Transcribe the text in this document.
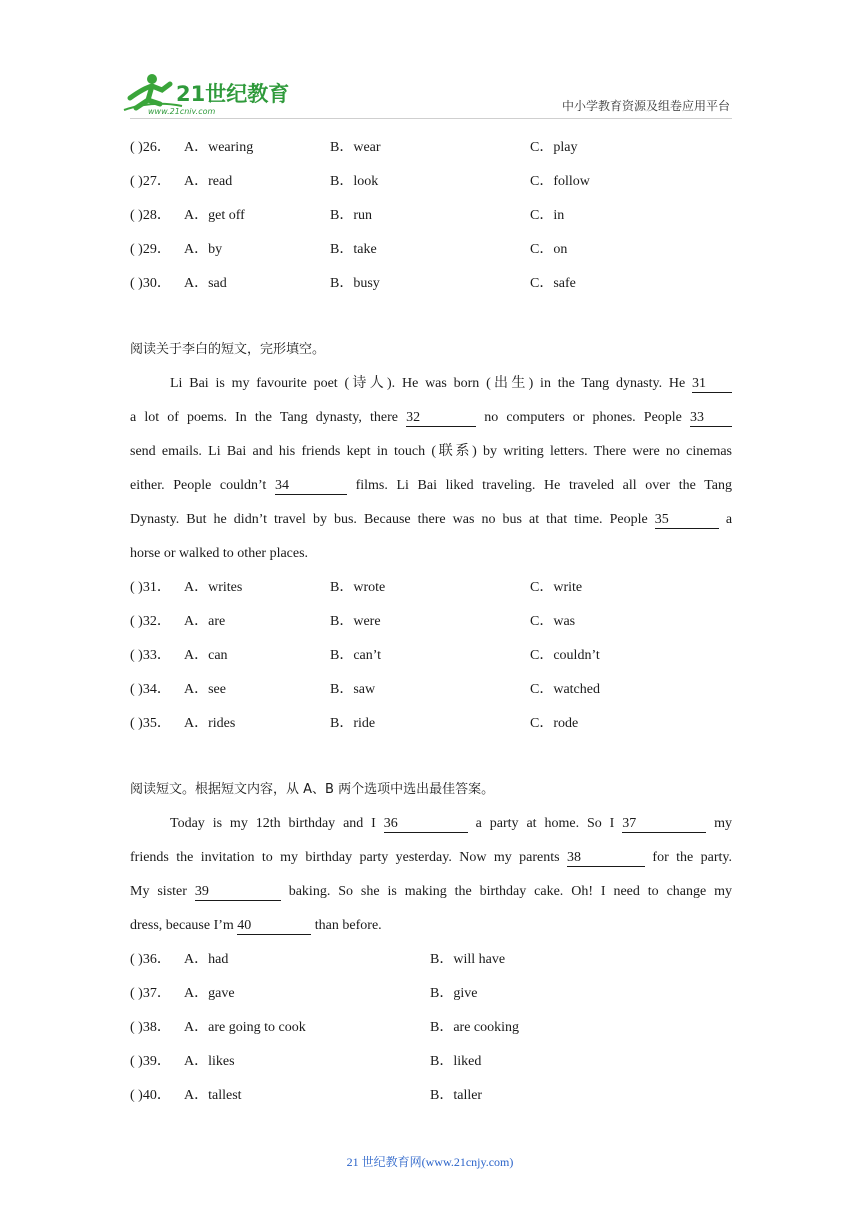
21世纪教育
www.21cnjy.com	中小学教育资源及组卷应用平台
( )26． A．wearing	B．wear	C．play
( )27． A．read	B．look	C．follow
( )28． A．get off	B．run	C．in
( )29． A．by	B．take	C．on
( )30． A．sad	B．busy	C．safe
阅读关于李白的短文，完形填空。
Li Bai is my favourite poet (诗人). He was born (出生) in the Tang dynasty. He 31
a lot of poems. In the Tang dynasty, there 32	no computers or phones. People 33
send emails. Li Bai and his friends kept in touch (联系) by writing letters. There were no cinemas
either. People couldn’t 34	films. Li Bai liked traveling. He traveled all over the Tang
Dynasty. But he didn’t travel by bus. Because there was no bus at that time. People 35	a
horse or walked to other places.
( )31． A．writes	B．wrote	C．write
( )32． A．are	B．were	C．was
( )33． A．can	B．can’t	C．couldn’t
( )34． A．see	B．saw	C．watched
( )35． A．rides	B．ride	C．rode
阅读短文。根据短文内容，从 A、B 两个选项中选出最佳答案。
Today is my 12th birthday and I 36	a party at home. So I 37	my
friends the invitation to my birthday party yesterday. Now my parents 38	for the party.
My sister 39	baking. So she is making the birthday cake. Oh! I need to change my
dress, because I’m 40	than before.
( )36． A．had	B．will have
( )37． A．gave	B．give
( )38． A．are going to cook	B．are cooking
( )39． A．likes	B．liked
( )40． A．tallest	B．taller
21 世纪教育网(www.21cnjy.com)
